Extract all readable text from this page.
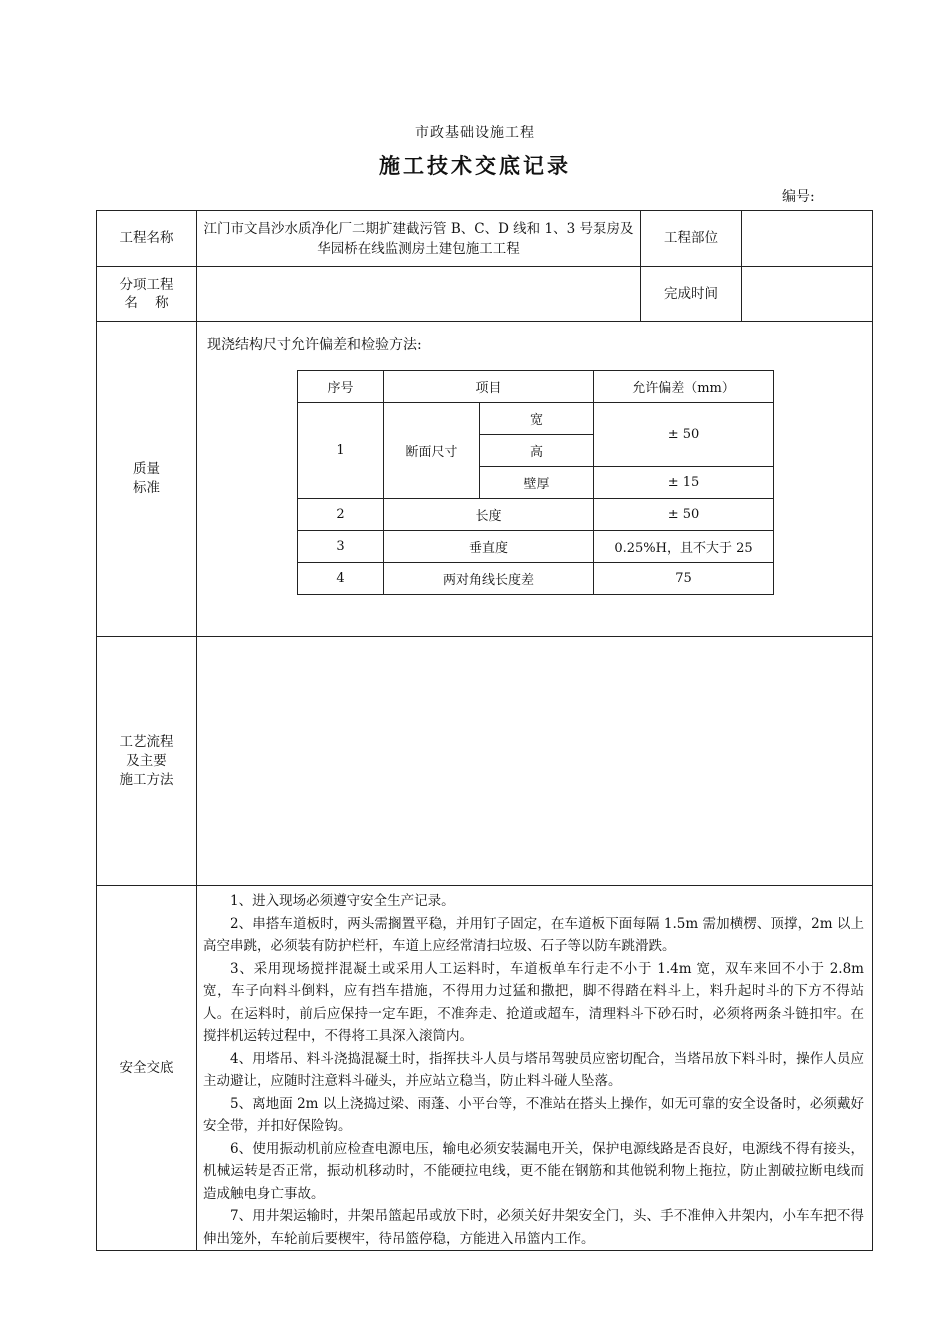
市政基础设施工程
施工技术交底记录
编号:
工程名称	江门市文昌沙水质净化厂二期扩建截污管 B、C、D 线和 1、3 号泵房及华园桥在线监测房土建包施工工程	工程部位	

分项工程
名    称
		完成时间	

质量
标准

现浇结构尺寸允许偏差和检验方法:
序号	项目	允许偏差（mm）
1	断面尺寸	宽	± 50
高
壁厚	± 15
2	长度	± 50
3	垂直度	0.25%H，且不大于 25
4	两对角线长度差	75

工艺流程
及主要
施工方法

安全交底	

1、进入现场必须遵守安全生产记录。

2、串搭车道板时，两头需搁置平稳，并用钉子固定，在车道板下面每隔 1.5m 需加横楞、顶撑，2m 以上高空串跳，必须装有防护栏杆，车道上应经常清扫垃圾、石子等以防车跳滑跌。

3、采用现场搅拌混凝土或采用人工运料时，车道板单车行走不小于 1.4m 宽，双车来回不小于 2.8m 宽，车子向料斗倒料，应有挡车措施，不得用力过猛和撒把，脚不得踏在料斗上，料升起时斗的下方不得站人。在运料时，前后应保持一定车距，不准奔走、抢道或超车，清理料斗下砂石时，必须将两条斗链扣牢。在搅拌机运转过程中，不得将工具深入滚筒内。

4、用塔吊、料斗浇捣混凝土时，指挥扶斗人员与塔吊驾驶员应密切配合，当塔吊放下料斗时，操作人员应主动避让，应随时注意料斗碰头，并应站立稳当，防止料斗碰人坠落。

5、离地面 2m 以上浇捣过梁、雨蓬、小平台等，不准站在搭头上操作，如无可靠的安全设备时，必须戴好安全带，并扣好保险钩。

6、使用振动机前应检查电源电压，输电必须安装漏电开关，保护电源线路是否良好，电源线不得有接头，机械运转是否正常，振动机移动时，不能硬拉电线，更不能在钢筋和其他锐利物上拖拉，防止割破拉断电线而造成触电身亡事故。

7、用井架运输时，井架吊篮起吊或放下时，必须关好井架安全门，头、手不准伸入井架内，小车车把不得伸出笼外，车轮前后要楔牢，待吊篮停稳，方能进入吊篮内工作。
